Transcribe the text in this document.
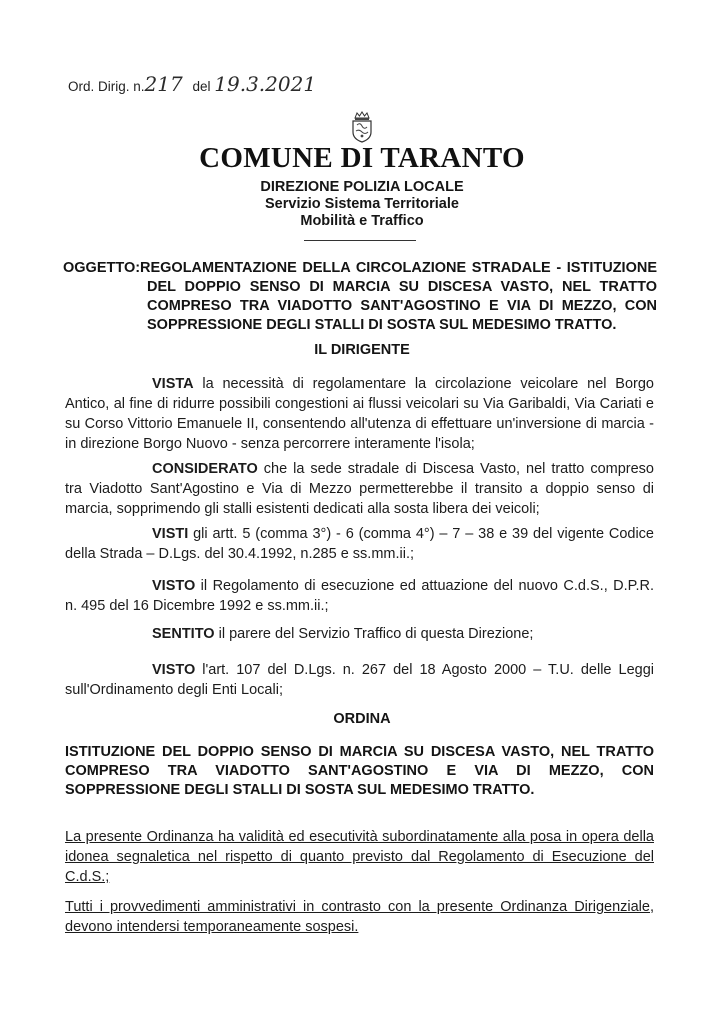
Ord. Dirig. n.217 del 19.3.2021
COMUNE DI TARANTO
DIREZIONE POLIZIA LOCALE
Servizio Sistema Territoriale
Mobilità e Traffico
OGGETTO: REGOLAMENTAZIONE DELLA CIRCOLAZIONE STRADALE - ISTITUZIONE
DEL DOPPIO SENSO DI MARCIA SU DISCESA VASTO, NEL TRATTO
COMPRESO TRA VIADOTTO SANT'AGOSTINO E VIA DI MEZZO, CON
SOPPRESSIONE DEGLI STALLI DI SOSTA SUL MEDESIMO TRATTO.
IL DIRIGENTE
VISTA la necessità di regolamentare la circolazione veicolare nel Borgo Antico, al fine di ridurre possibili congestioni ai flussi veicolari su Via Garibaldi, Via Cariati e su Corso Vittorio Emanuele II, consentendo all'utenza di effettuare un'inversione di marcia - in direzione Borgo Nuovo - senza percorrere interamente l'isola;
CONSIDERATO che la sede stradale di Discesa Vasto, nel tratto compreso tra Viadotto Sant'Agostino e Via di Mezzo permetterebbe il transito a doppio senso di marcia, sopprimendo gli stalli esistenti dedicati alla sosta libera dei veicoli;
VISTI gli artt. 5 (comma 3°) - 6 (comma 4°) – 7 – 38 e 39 del vigente Codice della Strada – D.Lgs. del 30.4.1992, n.285 e ss.mm.ii.;
VISTO il Regolamento di esecuzione ed attuazione del nuovo C.d.S., D.P.R. n. 495 del 16 Dicembre 1992 e ss.mm.ii.;
SENTITO il parere del Servizio Traffico di questa Direzione;
VISTO l'art. 107 del D.Lgs. n. 267 del 18 Agosto 2000 – T.U. delle Leggi sull'Ordinamento degli Enti Locali;
ORDINA
ISTITUZIONE DEL DOPPIO SENSO DI MARCIA SU DISCESA VASTO, NEL TRATTO
COMPRESO TRA VIADOTTO SANT'AGOSTINO E VIA DI MEZZO, CON
SOPPRESSIONE DEGLI STALLI DI SOSTA SUL MEDESIMO TRATTO.
La presente Ordinanza ha validità ed esecutività subordinatamente alla posa in opera della idonea segnaletica nel rispetto di quanto previsto dal Regolamento di Esecuzione del C.d.S.;
Tutti i provvedimenti amministrativi in contrasto con la presente Ordinanza Dirigenziale, devono intendersi temporaneamente sospesi.
